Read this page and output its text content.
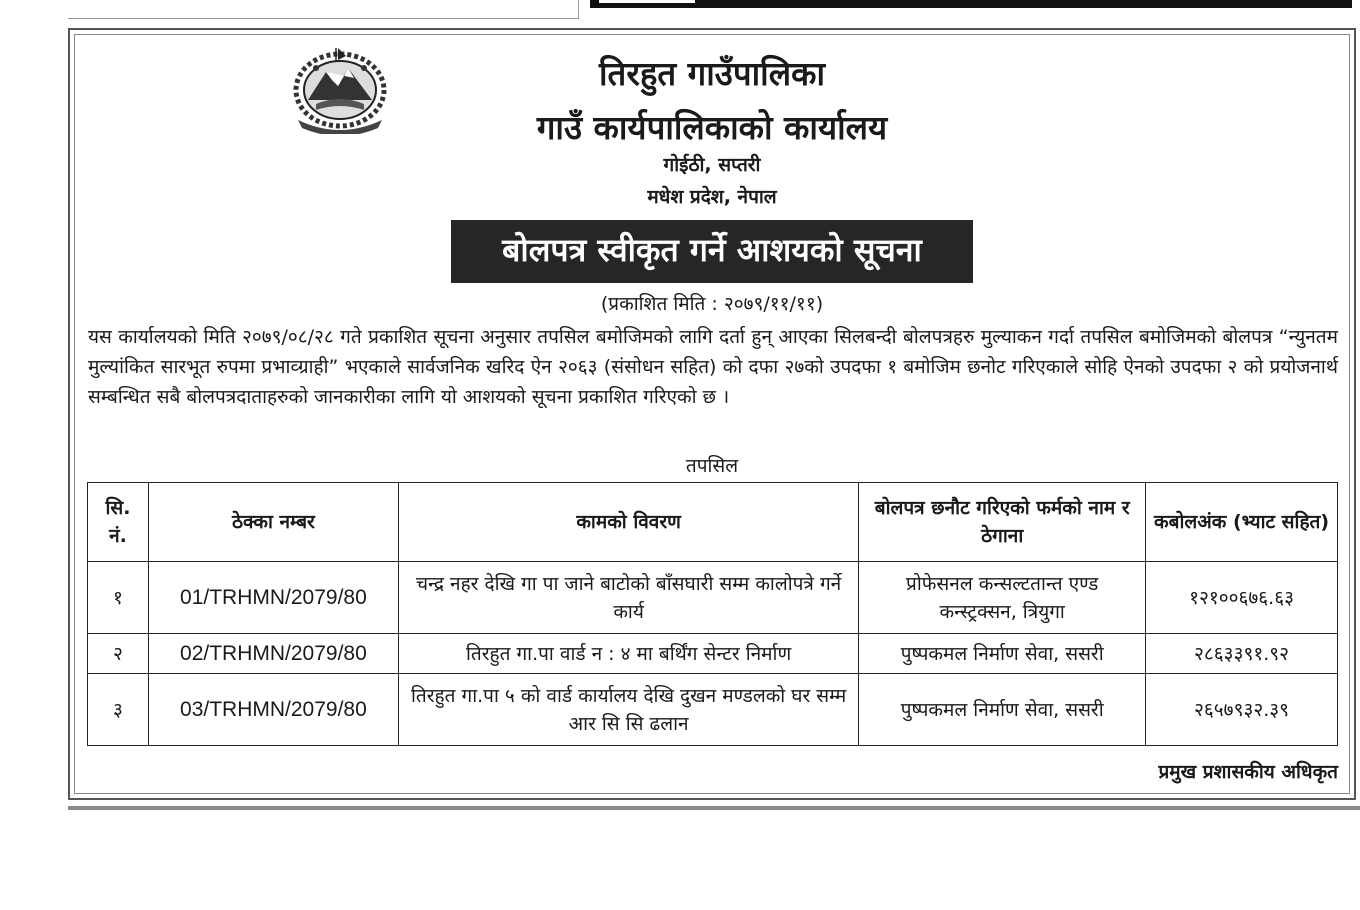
तिरहुत गाउँपालिका
गाउँ कार्यपालिकाको कार्यालय
गोईठी, सप्तरी
मधेश प्रदेश, नेपाल
बोलपत्र स्वीकृत गर्ने आशयको सूचना
(प्रकाशित मिति : २०७९/११/११)
यस कार्यालयको मिति २०७९/०८/२८ गते प्रकाशित सूचना अनुसार तपसिल बमोजिमको लागि दर्ता हुन् आएका सिलबन्दी बोलपत्रहरु मुल्याकन गर्दा तपसिल बमोजिमको बोलपत्र “न्युनतम मुल्यांकित सारभूत रुपमा प्रभाव्ग्राही” भएकाले सार्वजनिक खरिद ऐन २०६३ (संसोधन सहित) को दफा २७को उपदफा १ बमोजिम छनोट गरिएकाले सोहि ऐनको उपदफा २ को प्रयोजनार्थ सम्बन्धित सबै बोलपत्रदाताहरुको जानकारीका लागि यो आशयको सूचना प्रकाशित गरिएको छ ।
तपसिल
सि. नं.	ठेक्का नम्बर	कामको विवरण	बोलपत्र छनौट गरिएको फर्मको नाम र ठेगाना	कबोलअंक (भ्याट सहित)
१	01/TRHMN/2079/80	चन्द्र नहर देखि गा पा जाने बाटोको बाँसघारी सम्म कालोपत्रे गर्ने कार्य	प्रोफेसनल कन्सल्टतान्त एण्ड कन्स्ट्रक्सन, त्रियुगा	१२१००६७६.६३
२	02/TRHMN/2079/80	तिरहुत गा.पा वार्ड न : ४ मा बर्थिंग सेन्टर निर्माण	पुष्पकमल निर्माण सेवा, ससरी	२८६३३९१.९२
३	03/TRHMN/2079/80	तिरहुत गा.पा ५ को वार्ड कार्यालय देखि दुखन मण्डलको घर सम्म आर सि सि ढलान	पुष्पकमल निर्माण सेवा, ससरी	२६५७९३२.३९
प्रमुख प्रशासकीय अधिकृत
